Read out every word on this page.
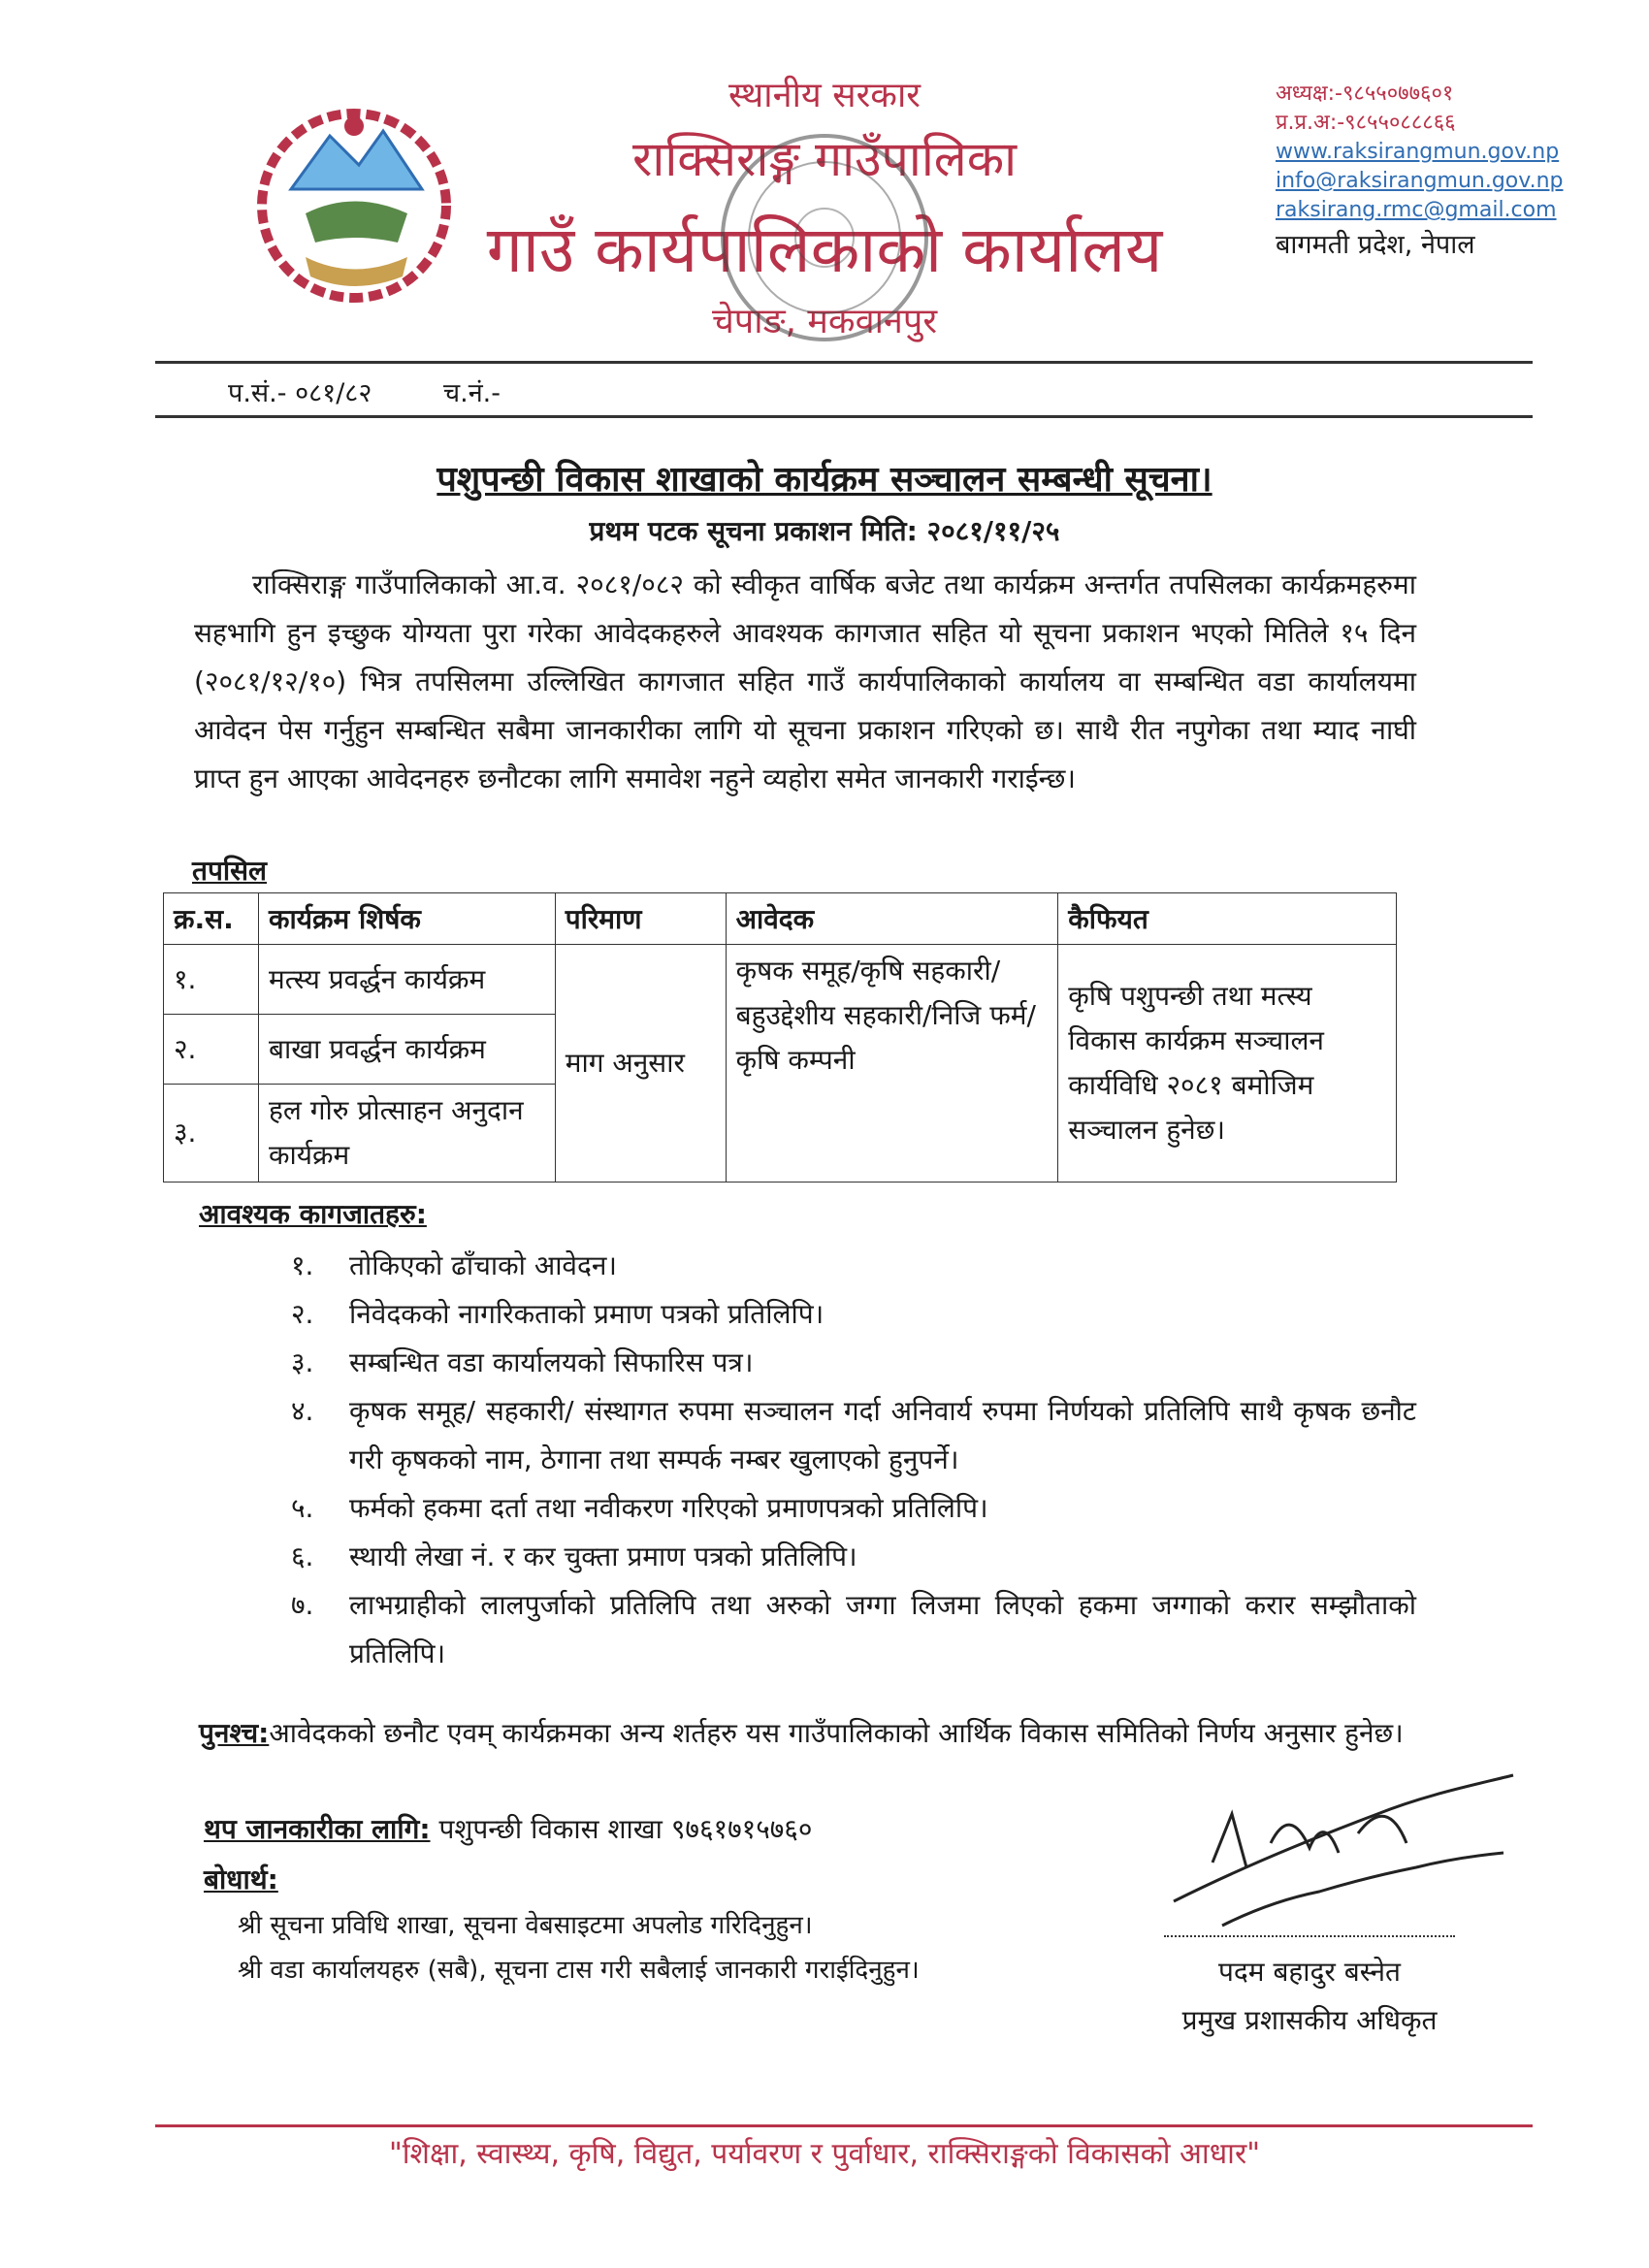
स्थानीय सरकार
राक्सिराङ्ग गाउँपालिका
गाउँ कार्यपालिकाको कार्यालय
चेपाङ, मकवानपुर
अध्यक्ष:-९८५५०७७६०१
प्र.प्र.अ:-९८५५०८८८६६
www.raksirangmun.gov.np
info@raksirangmun.gov.np
raksirang.rmc@gmail.com
बागमती प्रदेश, नेपाल
प.सं.- ०८१/८२	च.नं.-
पशुपन्छी विकास शाखाको कार्यक्रम सञ्चालन सम्बन्धी सूचना।
प्रथम पटक सूचना प्रकाशन मिति: २०८१/११/२५
राक्सिराङ्ग गाउँपालिकाको आ.व. २०८१/०८२ को स्वीकृत वार्षिक बजेट तथा कार्यक्रम अन्तर्गत तपसिलका कार्यक्रमहरुमा सहभागि हुन इच्छुक योग्यता पुरा गरेका आवेदकहरुले आवश्यक कागजात सहित यो सूचना प्रकाशन भएको मितिले १५ दिन (२०८१/१२/१०) भित्र तपसिलमा उल्लिखित कागजात सहित गाउँ कार्यपालिकाको कार्यालय वा सम्बन्धित वडा कार्यालयमा आवेदन पेस गर्नुहुन सम्बन्धित सबैमा जानकारीका लागि यो सूचना प्रकाशन गरिएको छ। साथै रीत नपुगेका तथा म्याद नाघी प्राप्त हुन आएका आवेदनहरु छनौटका लागि समावेश नहुने व्यहोरा समेत जानकारी गराईन्छ।
तपसिल
क्र.स.	कार्यक्रम शिर्षक	परिमाण	आवेदक	कैफियत
१.	मत्स्य प्रवर्द्धन कार्यक्रम	माग अनुसार	कृषक समूह/कृषि सहकारी/बहुउद्देशीय सहकारी/निजि फर्म/कृषि कम्पनी	कृषि पशुपन्छी तथा मत्स्य विकास कार्यक्रम सञ्चालन कार्यविधि २०८१ बमोजिम सञ्चालन हुनेछ।
२.	बाखा प्रवर्द्धन कार्यक्रम			
३.	हल गोरु प्रोत्साहन अनुदान कार्यक्रम			
आवश्यक कागजातहरु:
१.	तोकिएको ढाँचाको आवेदन।
२.	निवेदकको नागरिकताको प्रमाण पत्रको प्रतिलिपि।
३.	सम्बन्धित वडा कार्यालयको सिफारिस पत्र।
४.	कृषक समूह/ सहकारी/ संस्थागत रुपमा सञ्चालन गर्दा अनिवार्य रुपमा निर्णयको प्रतिलिपि साथै कृषक छनौट गरी कृषकको नाम, ठेगाना तथा सम्पर्क नम्बर खुलाएको हुनुपर्ने।
५.	फर्मको हकमा दर्ता तथा नवीकरण गरिएको प्रमाणपत्रको प्रतिलिपि।
६.	स्थायी लेखा नं. र कर चुक्ता प्रमाण पत्रको प्रतिलिपि।
७.	लाभग्राहीको लालपुर्जाको प्रतिलिपि तथा अरुको जग्गा लिजमा लिएको हकमा जग्गाको करार सम्झौताको प्रतिलिपि।
पुनश्च:आवेदकको छनौट एवम् कार्यक्रमका अन्य शर्तहरु यस गाउँपालिकाको आर्थिक विकास समितिको निर्णय अनुसार हुनेछ।
थप जानकारीका लागि: पशुपन्छी विकास शाखा ९७६१७१५७६०
बोधार्थ:
श्री सूचना प्रविधि शाखा, सूचना वेबसाइटमा अपलोड गरिदिनुहुन।
श्री वडा कार्यालयहरु (सबै), सूचना टास गरी सबैलाई जानकारी गराईदिनुहुन।	पदम बहादुर बस्नेत
प्रमुख प्रशासकीय अधिकृत
"शिक्षा, स्वास्थ्य, कृषि, विद्युत, पर्यावरण र पुर्वाधार, राक्सिराङ्गको विकासको आधार"
